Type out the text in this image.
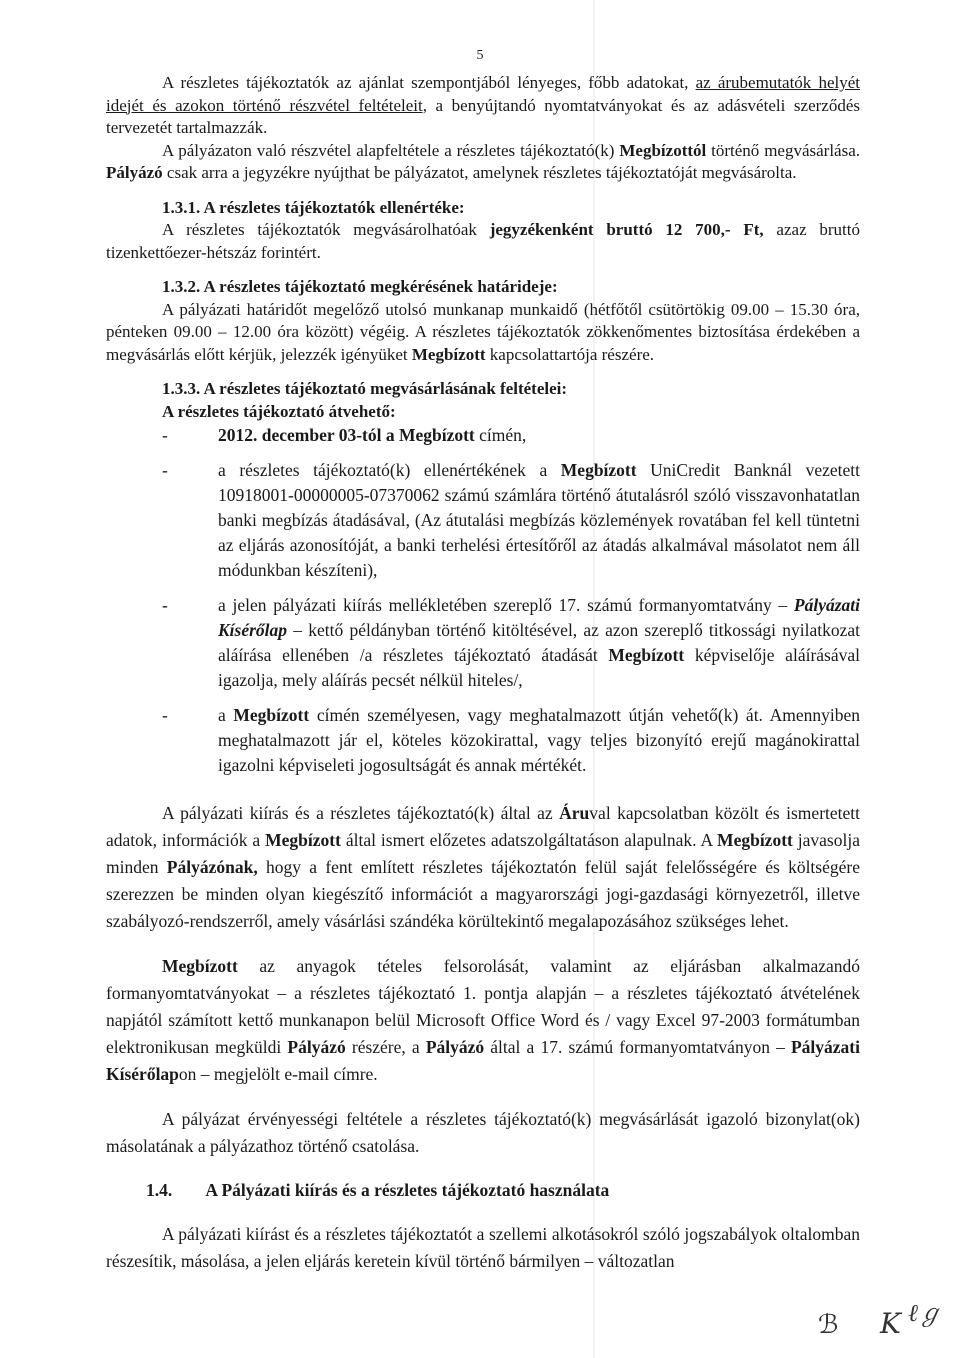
5

A részletes tájékoztatók az ajánlat szempontjából lényeges, főbb adatokat, az árubemutatók helyét idejét és azokon történő részvétel feltételeit, a benyújtandó nyomtatványokat és az adásvételi szerződés tervezetét tartalmazzák.

A pályázaton való részvétel alapfeltétele a részletes tájékoztató(k) Megbízottól történő megvásárlása. Pályázó csak arra a jegyzékre nyújthat be pályázatot, amelynek részletes tájékoztatóját megvásárolta.

1.3.1. A részletes tájékoztatók ellenértéke:

A részletes tájékoztatók megvásárolhatóak jegyzékenként bruttó 12 700,- Ft, azaz bruttó tizenkettőezer-hétszáz forintért.

1.3.2. A részletes tájékoztató megkérésének határideje:

A pályázati határidőt megelőző utolsó munkanap munkaidő (hétfőtől csütörtökig 09.00 – 15.30 óra, pénteken 09.00 – 12.00 óra között) végéig. A részletes tájékoztatók zökkenőmentes biztosítása érdekében a megvásárlás előtt kérjük, jelezzék igényüket Megbízott kapcsolattartója részére.

1.3.3. A részletes tájékoztató megvásárlásának feltételei:

A részletes tájékoztató átvehető:

- 2012. december 03-tól a Megbízott címén,
- a részletes tájékoztató(k) ellenértékének a Megbízott UniCredit Banknál vezetett 10918001-00000005-07370062 számú számlára történő átutalásról szóló visszavonhatatlan banki megbízás átadásával, (Az átutalási megbízás közlemények rovatában fel kell tüntetni az eljárás azonosítóját, a banki terhelési értesítőről az átadás alkalmával másolatot nem áll módunkban készíteni),
- a jelen pályázati kiírás mellékletében szereplő 17. számú formanyomtatvány – Pályázati Kísérőlap – kettő példányban történő kitöltésével, az azon szereplő titkossági nyilatkozat aláírása ellenében /a részletes tájékoztató átadását Megbízott képviselője aláírásával igazolja, mely aláírás pecsét nélkül hiteles/,
- a Megbízott címén személyesen, vagy meghatalmazott útján vehető(k) át. Amennyiben meghatalmazott jár el, köteles közokirattal, vagy teljes bizonyító erejű magánokirattal igazolni képviseleti jogosultságát és annak mértékét.

A pályázati kiírás és a részletes tájékoztató(k) által az Áruval kapcsolatban közölt és ismertetett adatok, információk a Megbízott által ismert előzetes adatszolgáltatáson alapulnak. A Megbízott javasolja minden Pályázónak, hogy a fent említett részletes tájékoztatón felül saját felelősségére és költségére szerezzen be minden olyan kiegészítő információt a magyarországi jogi-gazdasági környezetről, illetve szabályozó-rendszerről, amely vásárlási szándéka körültekintő megalapozásához szükséges lehet.

Megbízott az anyagok tételes felsorolását, valamint az eljárásban alkalmazandó formanyomtatványokat – a részletes tájékoztató 1. pontja alapján – a részletes tájékoztató átvételének napjától számított kettő munkanapon belül Microsoft Office Word és / vagy Excel 97-2003 formátumban elektronikusan megküldi Pályázó részére, a Pályázó által a 17. számú formanyomtatványon – Pályázati Kísérőlapon – megjelölt e-mail címre.

A pályázat érvényességi feltétele a részletes tájékoztató(k) megvásárlását igazoló bizonylat(ok) másolatának a pályázathoz történő csatolása.

1.4. A Pályázati kiírás és a részletes tájékoztató használata

A pályázati kiírást és a részletes tájékoztatót a szellemi alkotásokról szóló jogszabályok oltalomban részesítik, másolása, a jelen eljárás keretein kívül történő bármilyen – változatlan

ℬ K ℓℊ
